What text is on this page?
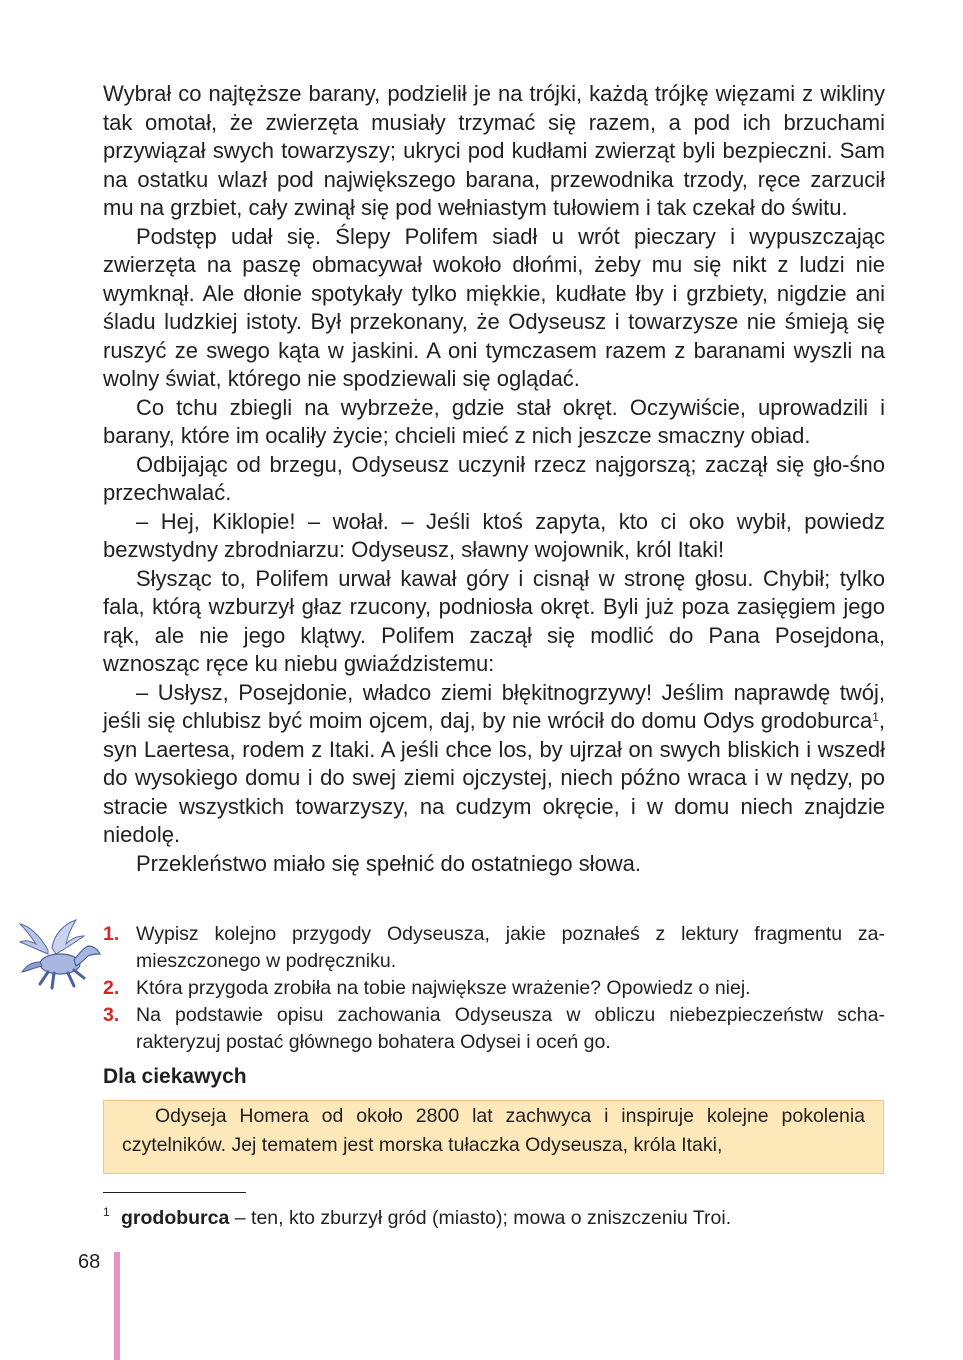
Wybrał co najtęższe barany, podzielił je na trójki, każdą trójkę więzami z wikliny tak omotał, że zwierzęta musiały trzymać się razem, a pod ich brzuchami przywiązał swych towarzyszy; ukryci pod kudłami zwierząt byli bezpieczni. Sam na ostatku wlazł pod największego barana, przewodnika trzody, ręce zarzucił mu na grzbiet, cały zwinął się pod wełniastym tułowiem i tak czekał do świtu.

Podstęp udał się. Ślepy Polifem siadł u wrót pieczary i wypuszczając zwierzęta na paszę obmacywał wokoło dłońmi, żeby mu się nikt z ludzi nie wymknął. Ale dłonie spotykały tylko miękkie, kudłate łby i grzbiety, nigdzie ani śladu ludzkiej istoty. Był przekonany, że Odyseusz i towarzysze nie śmieją się ruszyć ze swego kąta w jaskini. A oni tymczasem razem z baranami wyszli na wolny świat, którego nie spodziewali się oglądać.

Co tchu zbiegli na wybrzeże, gdzie stał okręt. Oczywiście, uprowadzili i barany, które im ocaliły życie; chcieli mieć z nich jeszcze smaczny obiad.

Odbijając od brzegu, Odyseusz uczynił rzecz najgorszą; zaczął się gło-śno przechwalać.

– Hej, Kiklopie! – wołał. – Jeśli ktoś zapyta, kto ci oko wybił, powiedz bezwstydny zbrodniarzu: Odyseusz, sławny wojownik, król Itaki!

Słysząc to, Polifem urwał kawał góry i cisnął w stronę głosu. Chybił; tylko fala, którą wzburzył głaz rzucony, podniosła okręt. Byli już poza zasięgiem jego rąk, ale nie jego klątwy. Polifem zaczął się modlić do Pana Posejdona, wznosząc ręce ku niebu gwiaździstemu:

– Usłysz, Posejdonie, władco ziemi błękitnogrzywy! Jeślim naprawdę twój, jeśli się chlubisz być moim ojcem, daj, by nie wrócił do domu Odys grodoburca$^1$, syn Laertesa, rodem z Itaki. A jeśli chce los, by ujrzał on swych bliskich i wszedł do wysokiego domu i do swej ziemi ojczystej, niech późno wraca i w nędzy, po stracie wszystkich towarzyszy, na cudzym okręcie, i w domu niech znajdzie niedolę.

Przekleństwo miało się spełnić do ostatniego słowa.

1. Wypisz kolejno przygody Odyseusza, jakie poznałeś z lektury fragmentu za-mieszczonego w podręczniku.
2. Która przygoda zrobiła na tobie największe wrażenie? Opowiedz o niej.
3. Na podstawie opisu zachowania Odyseusza w obliczu niebezpieczeństw scha-rakteryzuj postać głównego bohatera Odysei i oceń go.
Dla ciekawych

Odyseja Homera od około 2800 lat zachwyca i inspiruje kolejne pokolenia czytelników. Jej tematem jest morska tułaczka Odyseusza, króla Itaki,

1 grodoburca – ten, kto zburzył gród (miasto); mowa o zniszczeniu Troi.
68
